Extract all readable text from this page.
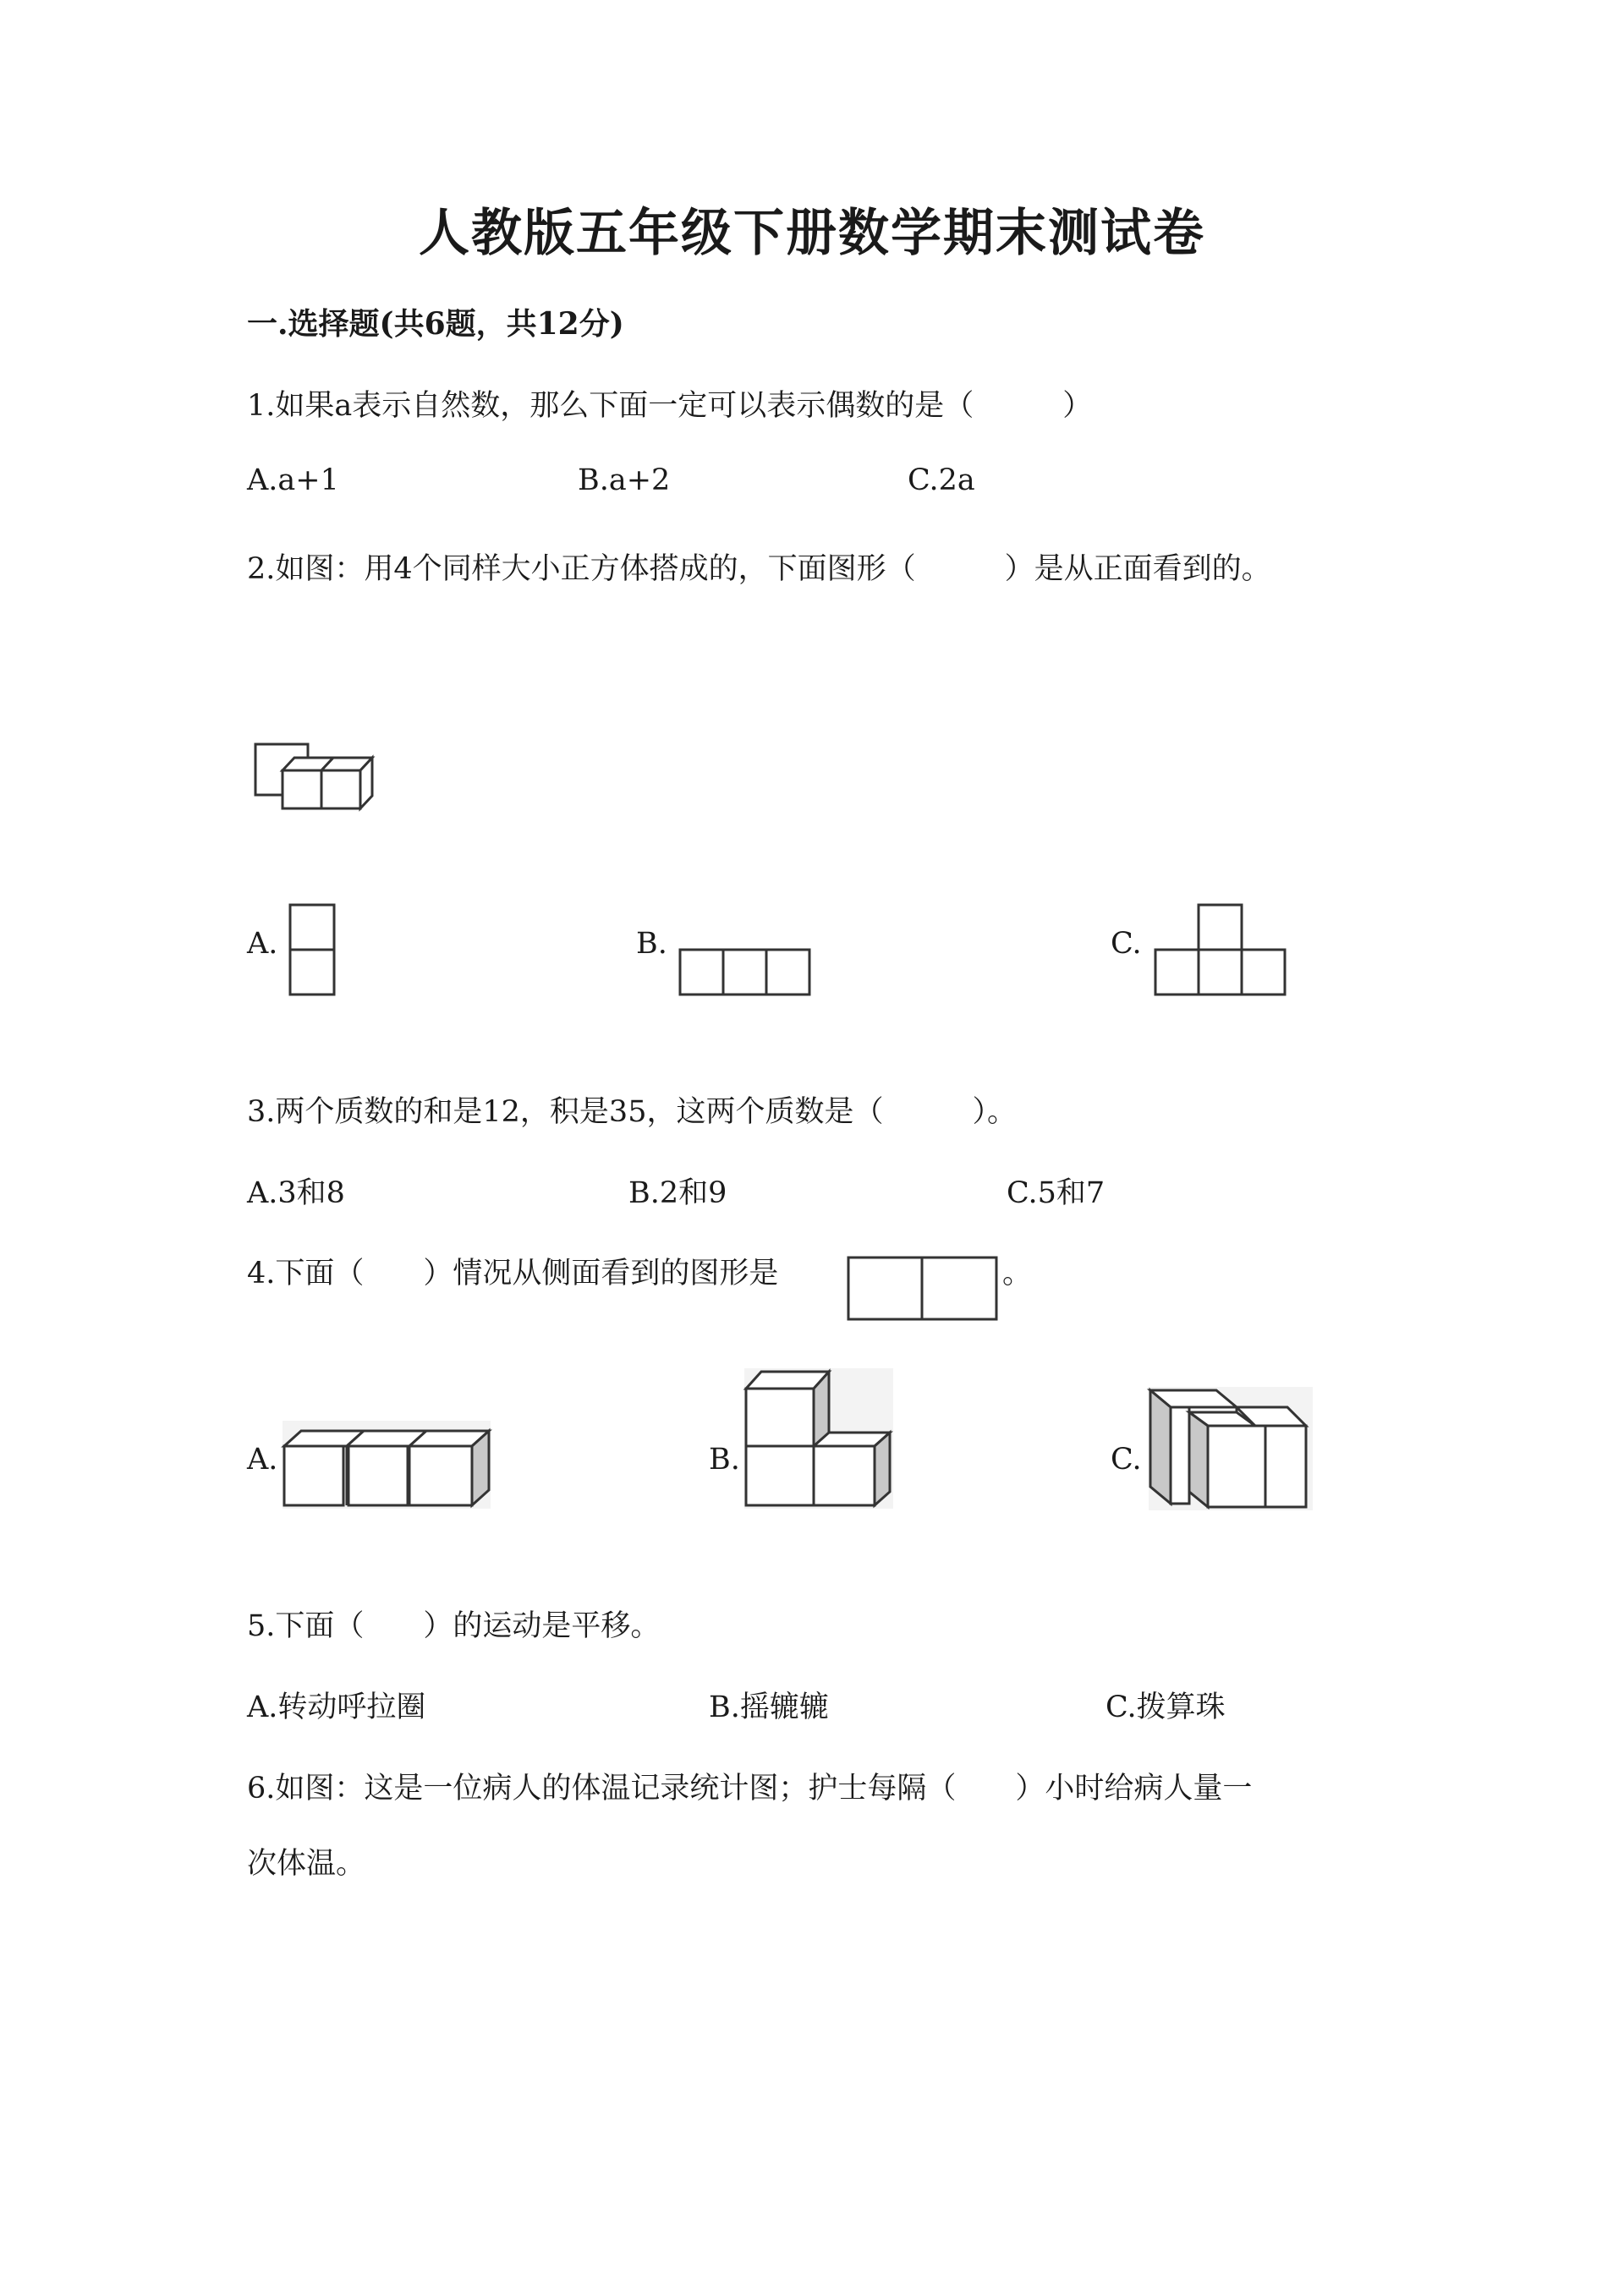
人教版五年级下册数学期末测试卷
一.选择题(共6题，共12分)
1.如果a表示自然数，那么下面一定可以表示偶数的是（　　　）
A.a+1	B.a+2	C.2a
2.如图：用4个同样大小正方体搭成的，下面图形（　　　）是从正面看到的。
A.	B.	C.
3.两个质数的和是12，积是35，这两个质数是（　　　）。
A.3和8	B.2和9	C.5和7
4.下面（　　）情况从侧面看到的图形是	。
A.	B.	C.
5.下面（　　）的运动是平移。
A.转动呼拉圈	B.摇辘辘	C.拨算珠
6.如图：这是一位病人的体温记录统计图；护士每隔（　　）小时给病人量一
次体温。
